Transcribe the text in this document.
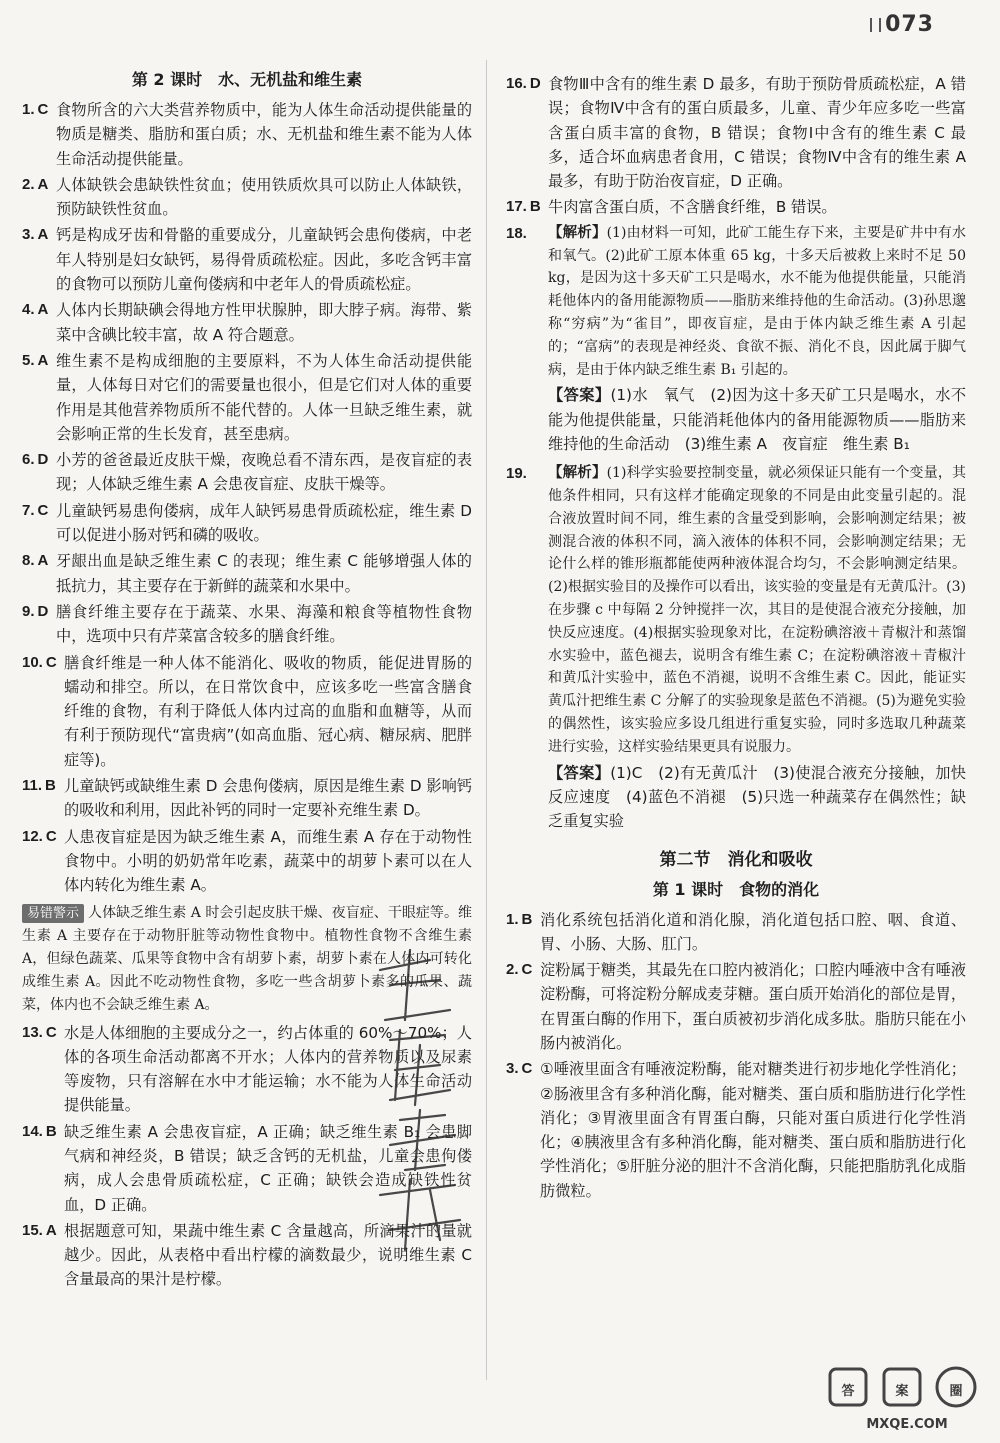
073
第 2 课时　水、无机盐和维生素
1. C 食物所含的六大类营养物质中，能为人体生命活动提供能量的物质是糖类、脂肪和蛋白质；水、无机盐和维生素不能为人体生命活动提供能量。
2. A 人体缺铁会患缺铁性贫血；使用铁质炊具可以防止人体缺铁，预防缺铁性贫血。
3. A 钙是构成牙齿和骨骼的重要成分，儿童缺钙会患佝偻病，中老年人特别是妇女缺钙，易得骨质疏松症。因此，多吃含钙丰富的食物可以预防儿童佝偻病和中老年人的骨质疏松症。
4. A 人体内长期缺碘会得地方性甲状腺肿，即大脖子病。海带、紫菜中含碘比较丰富，故 A 符合题意。
5. A 维生素不是构成细胞的主要原料，不为人体生命活动提供能量，人体每日对它们的需要量也很小，但是它们对人体的重要作用是其他营养物质所不能代替的。人体一旦缺乏维生素，就会影响正常的生长发育，甚至患病。
6. D 小芳的爸爸最近皮肤干燥，夜晚总看不清东西，是夜盲症的表现；人体缺乏维生素 A 会患夜盲症、皮肤干燥等。
7. C 儿童缺钙易患佝偻病，成年人缺钙易患骨质疏松症，维生素 D 可以促进小肠对钙和磷的吸收。
8. A 牙龈出血是缺乏维生素 C 的表现；维生素 C 能够增强人体的抵抗力，其主要存在于新鲜的蔬菜和水果中。
9. D 膳食纤维主要存在于蔬菜、水果、海藻和粮食等植物性食物中，选项中只有芹菜富含较多的膳食纤维。
10. C 膳食纤维是一种人体不能消化、吸收的物质，能促进胃肠的蠕动和排空。所以，在日常饮食中，应该多吃一些富含膳食纤维的食物，有利于降低人体内过高的血脂和血糖等，从而有利于预防现代“富贵病”(如高血脂、冠心病、糖尿病、肥胖症等)。
11. B 儿童缺钙或缺维生素 D 会患佝偻病，原因是维生素 D 影响钙的吸收和利用，因此补钙的同时一定要补充维生素 D。
12. C 人患夜盲症是因为缺乏维生素 A，而维生素 A 存在于动物性食物中。小明的奶奶常年吃素，蔬菜中的胡萝卜素可以在人体内转化为维生素 A。
易错警示 人体缺乏维生素 A 时会引起皮肤干燥、夜盲症、干眼症等。维生素 A 主要存在于动物肝脏等动物性食物中。植物性食物不含维生素 A，但绿色蔬菜、瓜果等食物中含有胡萝卜素，胡萝卜素在人体内可转化成维生素 A。因此不吃动物性食物，多吃一些含胡萝卜素多的瓜果、蔬菜，体内也不会缺乏维生素 A。
13. C 水是人体细胞的主要成分之一，约占体重的 60%～70%；人体的各项生命活动都离不开水；人体内的营养物质以及尿素等废物，只有溶解在水中才能运输；水不能为人体生命活动提供能量。
14. B 缺乏维生素 A 会患夜盲症，A 正确；缺乏维生素 B₁ 会患脚气病和神经炎，B 错误；缺乏含钙的无机盐，儿童会患佝偻病，成人会患骨质疏松症，C 正确；缺铁会造成缺铁性贫血，D 正确。
15. A 根据题意可知，果蔬中维生素 C 含量越高，所滴果汁的量就越少。因此，从表格中看出柠檬的滴数最少，说明维生素 C 含量最高的果汁是柠檬。
16. D 食物Ⅲ中含有的维生素 D 最多，有助于预防骨质疏松症，A 错误；食物Ⅳ中含有的蛋白质最多，儿童、青少年应多吃一些富含蛋白质丰富的食物，B 错误；食物Ⅰ中含有的维生素 C 最多，适合坏血病患者食用，C 错误；食物Ⅳ中含有的维生素 A 最多，有助于防治夜盲症，D 正确。
17. B 牛肉富含蛋白质，不含膳食纤维，B 错误。
18.	【解析】(1)由材料一可知，此矿工能生存下来，主要是矿井中有水和氧气。(2)此矿工原本体重 65 kg，十多天后被救上来时不足 50 kg，是因为这十多天矿工只是喝水，水不能为他提供能量，只能消耗他体内的备用能源物质——脂肪来维持他的生命活动。(3)孙思邈称“穷病”为“雀目”，即夜盲症，是由于体内缺乏维生素 A 引起的；“富病”的表现是神经炎、食欲不振、消化不良，因此属于脚气病，是由于体内缺乏维生素 B₁ 引起的。
【答案】(1)水　氧气　(2)因为这十多天矿工只是喝水，水不能为他提供能量，只能消耗他体内的备用能源物质——脂肪来维持他的生命活动　(3)维生素 A　夜盲症　维生素 B₁
19.	【解析】(1)科学实验要控制变量，就必须保证只能有一个变量，其他条件相同，只有这样才能确定现象的不同是由此变量引起的。混合液放置时间不同，维生素的含量受到影响，会影响测定结果；被测混合液的体积不同，滴入液体的体积不同，会影响测定结果；无论什么样的锥形瓶都能使两种液体混合均匀，不会影响测定结果。(2)根据实验目的及操作可以看出，该实验的变量是有无黄瓜汁。(3)在步骤 c 中每隔 2 分钟搅拌一次，其目的是使混合液充分接触，加快反应速度。(4)根据实验现象对比，在淀粉碘溶液＋青椒汁和蒸馏水实验中，蓝色褪去，说明含有维生素 C；在淀粉碘溶液＋青椒汁和黄瓜汁实验中，蓝色不消褪，说明不含维生素 C。因此，能证实黄瓜汁把维生素 C 分解了的实验现象是蓝色不消褪。(5)为避免实验的偶然性，该实验应多设几组进行重复实验，同时多选取几种蔬菜进行实验，这样实验结果更具有说服力。
【答案】(1)C　(2)有无黄瓜汁　(3)使混合液充分接触，加快反应速度　(4)蓝色不消褪　(5)只选一种蔬菜存在偶然性；缺乏重复实验
第二节　消化和吸收
第 1 课时　食物的消化
1. B 消化系统包括消化道和消化腺，消化道包括口腔、咽、食道、胃、小肠、大肠、肛门。
2. C 淀粉属于糖类，其最先在口腔内被消化；口腔内唾液中含有唾液淀粉酶，可将淀粉分解成麦芽糖。蛋白质开始消化的部位是胃，在胃蛋白酶的作用下，蛋白质被初步消化成多肽。脂肪只能在小肠内被消化。
3. C ①唾液里面含有唾液淀粉酶，能对糖类进行初步地化学性消化；②肠液里含有多种消化酶，能对糖类、蛋白质和脂肪进行化学性消化；③胃液里面含有胃蛋白酶，只能对蛋白质进行化学性消化；④胰液里含有多种消化酶，能对糖类、蛋白质和脂肪进行化学性消化；⑤肝脏分泌的胆汁不含消化酶，只能把脂肪乳化成脂肪微粒。
答	案	圈
MXQE.COM
